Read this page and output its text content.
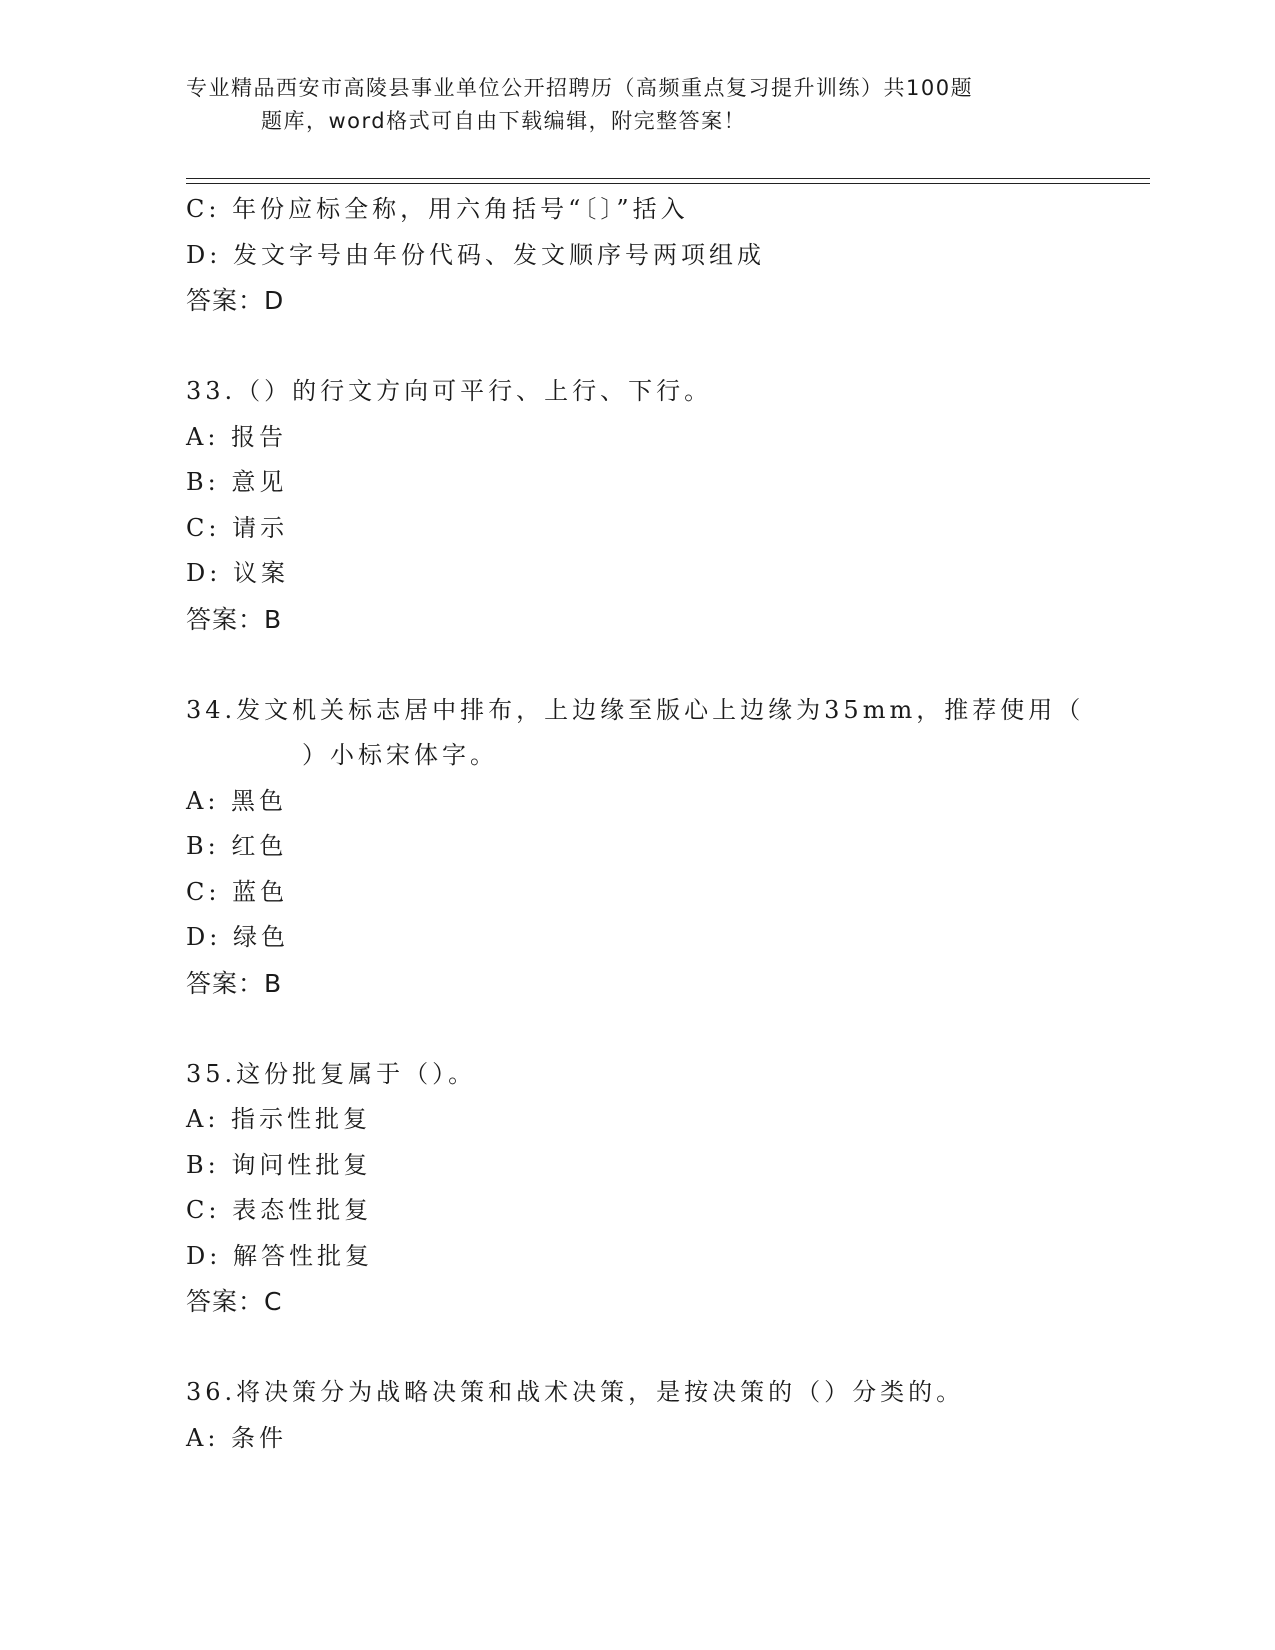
专业精品西安市高陵县事业单位公开招聘历（高频重点复习提升训练）共100题
题库，word格式可自由下载编辑，附完整答案！
C: 年份应标全称，用六角括号“〔〕”括入
D: 发文字号由年份代码、发文顺序号两项组成
答案：D
33.（）的行文方向可平行、上行、下行。
A: 报告
B: 意见
C: 请示
D: 议案
答案：B
34.发文机关标志居中排布，上边缘至版心上边缘为35mm，推荐使用（
）小标宋体字。
A: 黑色
B: 红色
C: 蓝色
D: 绿色
答案：B
35.这份批复属于（）。
A: 指示性批复
B: 询问性批复
C: 表态性批复
D: 解答性批复
答案：C
36.将决策分为战略决策和战术决策，是按决策的（）分类的。
A: 条件
